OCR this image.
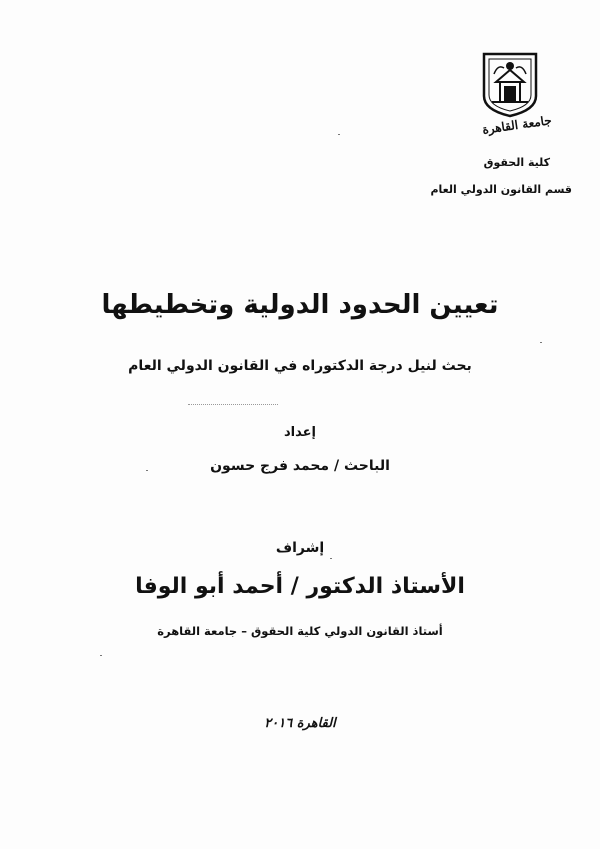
جامعة القاهرة
كلية الحقوق
قسم القانون الدولي العام
تعيين الحدود الدولية وتخطيطها
بحث لنيل درجة الدكتوراه في القانون الدولي العام
إعداد
الباحث / محمد فرج حسون
إشراف
الأستاذ الدكتور / أحمد أبو الوفا
أستاذ القانون الدولي كلية الحقوق – جامعة القاهرة
القاهرة ٢٠١٦
